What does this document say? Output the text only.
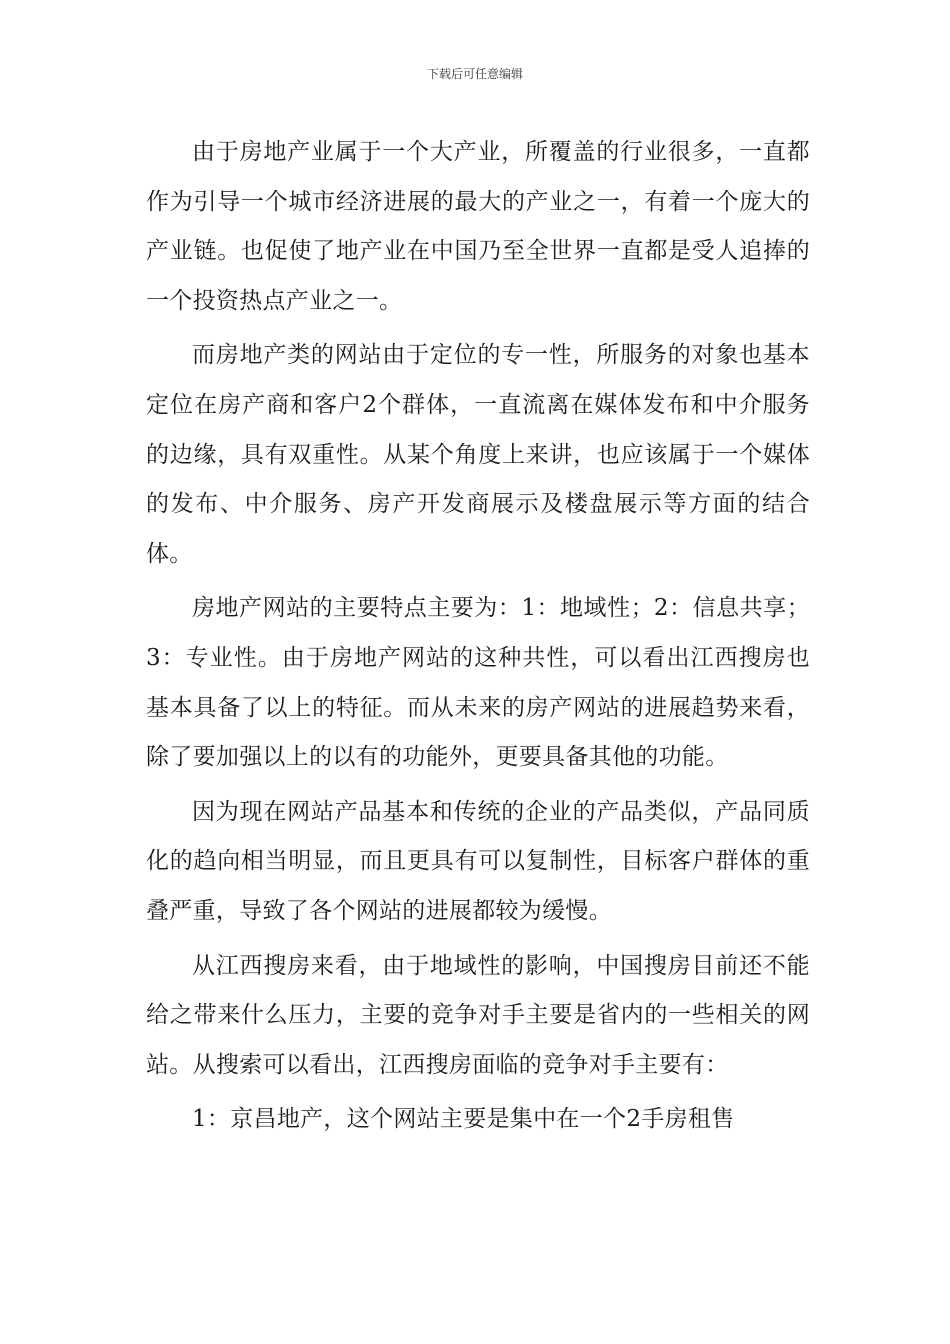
下载后可任意编辑

由于房地产业属于一个大产业，所覆盖的行业很多，一直都作为引导一个城市经济进展的最大的产业之一，有着一个庞大的产业链。也促使了地产业在中国乃至全世界一直都是受人追捧的一个投资热点产业之一。

而房地产类的网站由于定位的专一性，所服务的对象也基本定位在房产商和客户2个群体，一直流离在媒体发布和中介服务的边缘，具有双重性。从某个角度上来讲，也应该属于一个媒体的发布、中介服务、房产开发商展示及楼盘展示等方面的结合体。

房地产网站的主要特点主要为：1：地域性；2：信息共享；3：专业性。由于房地产网站的这种共性，可以看出江西搜房也基本具备了以上的特征。而从未来的房产网站的进展趋势来看，除了要加强以上的以有的功能外，更要具备其他的功能。

因为现在网站产品基本和传统的企业的产品类似，产品同质化的趋向相当明显，而且更具有可以复制性，目标客户群体的重叠严重，导致了各个网站的进展都较为缓慢。

从江西搜房来看，由于地域性的影响，中国搜房目前还不能给之带来什么压力，主要的竞争对手主要是省内的一些相关的网站。从搜索可以看出，江西搜房面临的竞争对手主要有：

1：京昌地产，这个网站主要是集中在一个2手房租售
